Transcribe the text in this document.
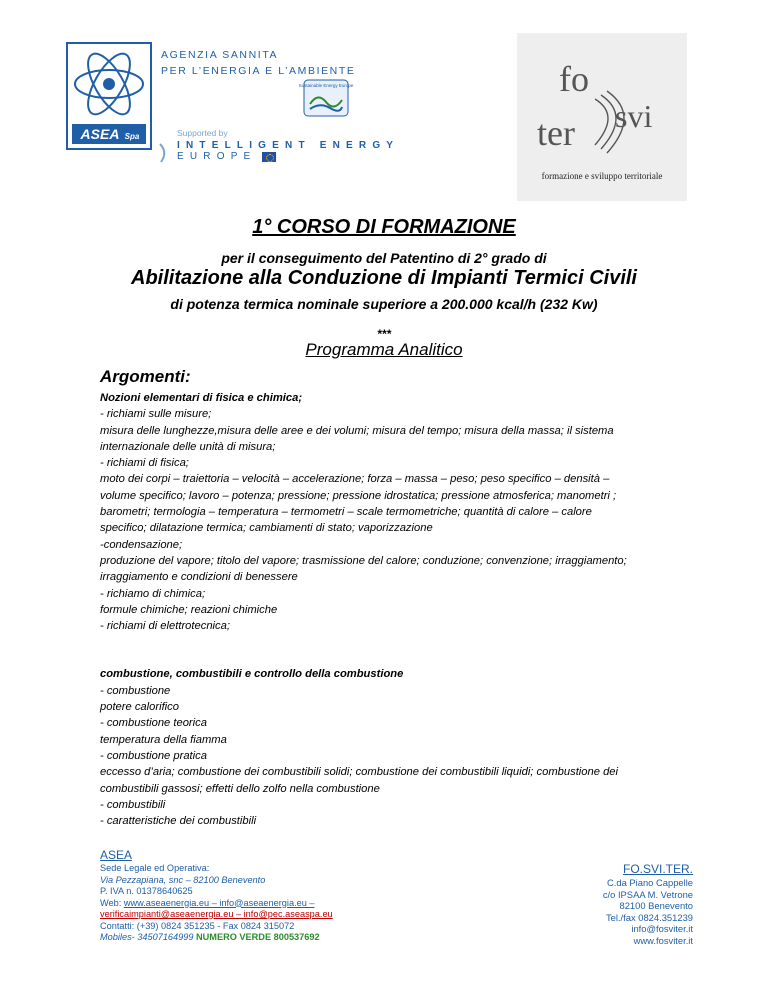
ASEA Spa
AGENZIA SANNITA
PER L’ENERGIA E L’AMBIENTE
Sustainable Energy Europe
Supported by
INTELLIGENT ENERGY
EUROPE
fo
ter svi
formazione e sviluppo territoriale
1° CORSO DI FORMAZIONE
per il conseguimento del Patentino di 2° grado di
Abilitazione alla Conduzione di Impianti Termici Civili
di potenza termica nominale superiore a 200.000 kcal/h (232 Kw)
***
Programma Analitico
Argomenti:

Nozioni elementari di fisica e chimica;

- richiami sulle misure;

misura delle lunghezze,misura delle aree e dei volumi; misura del tempo; misura della massa; il sistema

internazionale delle unità di misura;

- richiami di fisica;

moto dei corpi – traiettoria – velocità – accelerazione; forza – massa – peso; peso specifico – densità –

volume specifico; lavoro – potenza; pressione; pressione idrostatica; pressione atmosferica; manometri ;

barometri; termologia – temperatura – termometri – scale termometriche; quantità di calore – calore

specifico; dilatazione termica; cambiamenti di stato; vaporizzazione

-condensazione;

produzione del vapore; titolo del vapore; trasmissione del calore; conduzione; convenzione; irraggiamento;

irraggiamento e condizioni di benessere

- richiamo di chimica;

formule chimiche; reazioni chimiche

- richiami di elettrotecnica;

combustione, combustibili e controllo della combustione

- combustione

potere calorifico

- combustione teorica

temperatura della fiamma

- combustione pratica

eccesso d’aria; combustione dei combustibili solidi; combustione dei combustibili liquidi; combustione dei

combustibili gassosi; effetti dello zolfo nella combustione

- combustibili

- caratteristiche dei combustibili

ASEA
Sede Legale ed Operativa:
Via Pezzapiana, snc – 82100 Benevento
P. IVA n. 01378640625
Web: www.aseaenergia.eu – info@aseaenergia.eu –
verificaimpianti@aseaenergia.eu – info@pec.aseaspa.eu
Contatti: (+39) 0824 351235 - Fax 0824 315072
Mobiles- 34507164999 NUMERO VERDE 800537692
FO.SVI.TER.
C.da Piano Cappelle
c/o IPSAA M. Vetrone
82100 Benevento
Tel./fax 0824.351239
info@fosviter.it
www.fosviter.it
